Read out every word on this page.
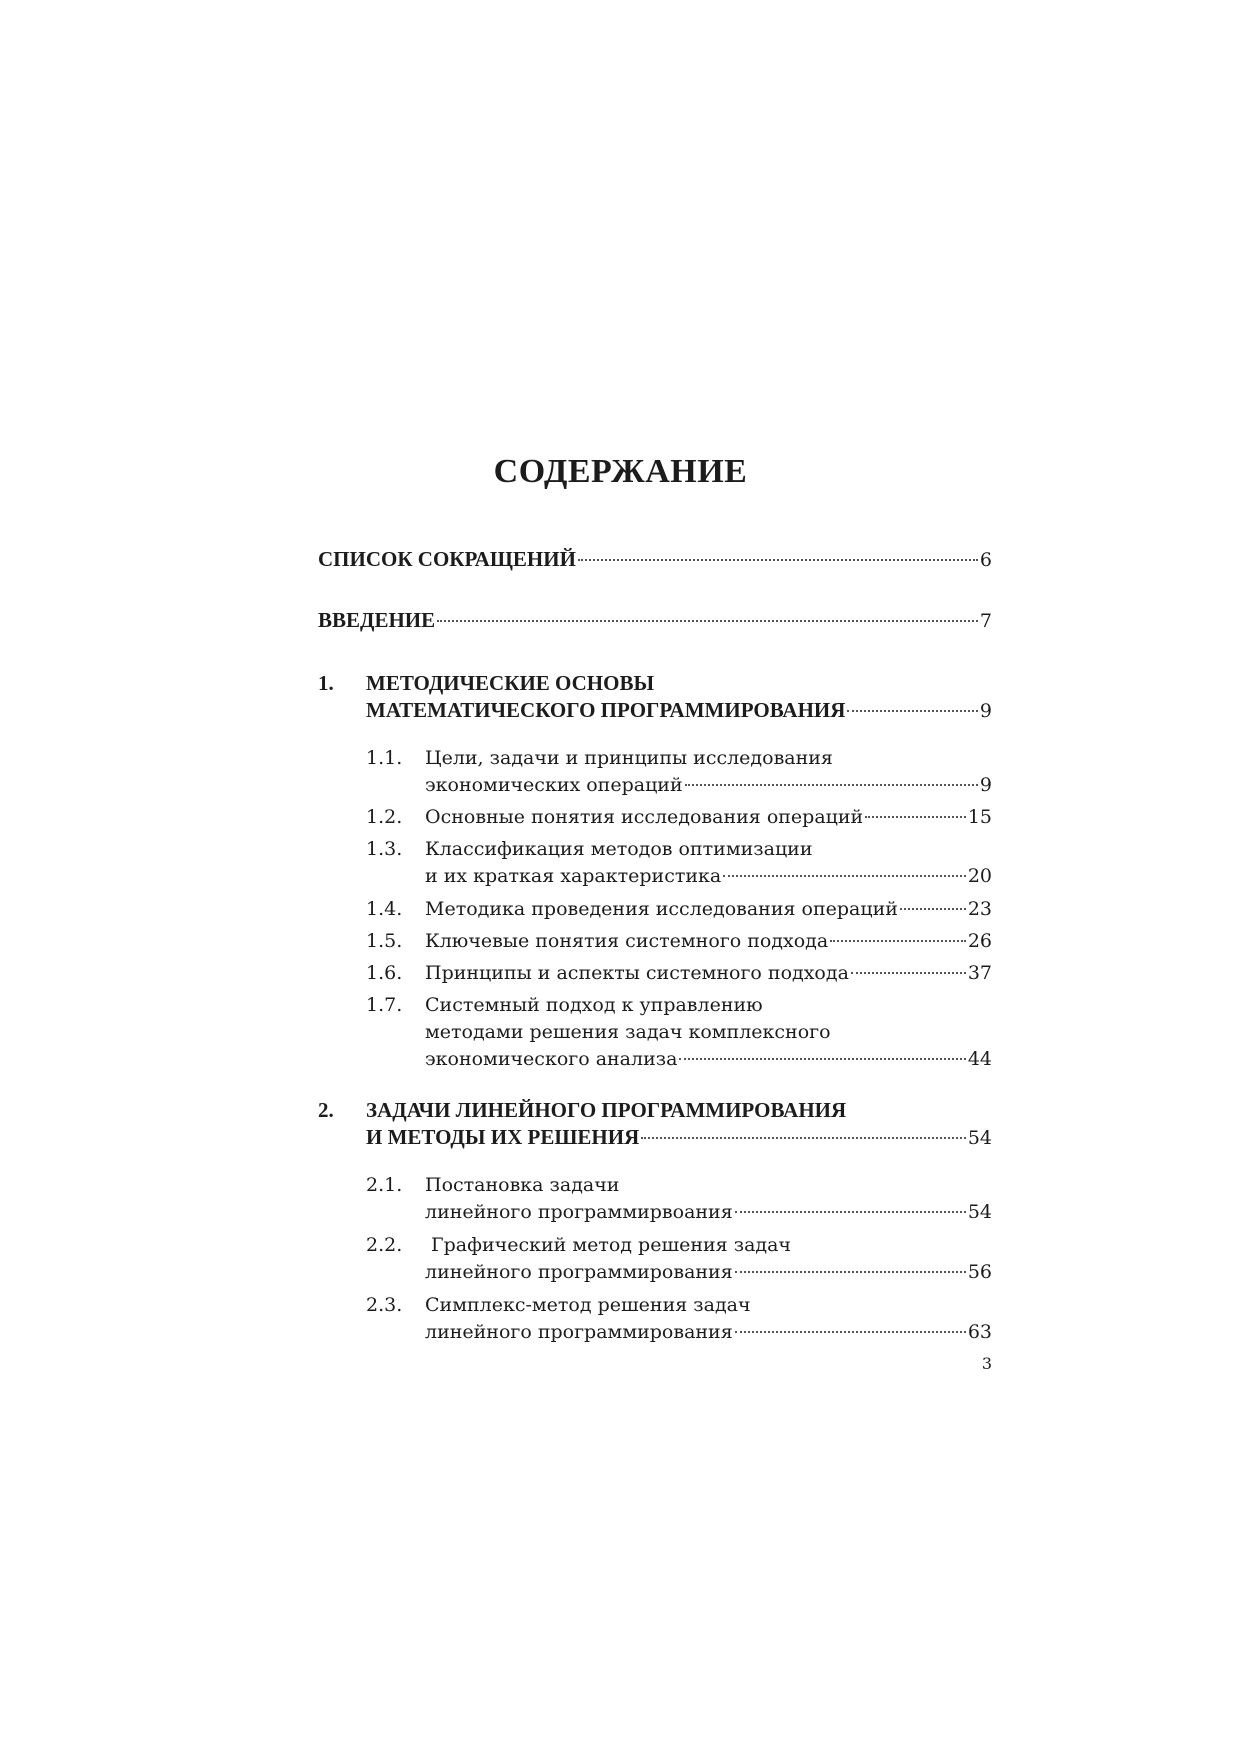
СОДЕРЖАНИЕ
СПИСОК СОКРАЩЕНИЙ	6
ВВЕДЕНИЕ	7
1. МЕТОДИЧЕСКИЕ ОСНОВЫ
МАТЕМАТИЧЕСКОГО ПРОГРАММИРОВАНИЯ	9
1.1. Цели, задачи и принципы исследования
экономических операций	9
1.2. Основные понятия исследования операций	15
1.3. Классификация методов оптимизации
и их краткая характеристика	20
1.4. Методика проведения исследования операций	23
1.5. Ключевые понятия системного подхода	26
1.6. Принципы и аспекты системного подхода	37
1.7. Системный подход к управлению
методами решения задач комплексного
экономического анализа	44
2. ЗАДАЧИ ЛИНЕЙНОГО ПРОГРАММИРОВАНИЯ
И МЕТОДЫ ИХ РЕШЕНИЯ	54
2.1. Постановка задачи
линейного программирвоания	54
2.2. Графический метод решения задач
линейного программирования	56
2.3. Симплекс-метод решения задач
линейного программирования	63
3
